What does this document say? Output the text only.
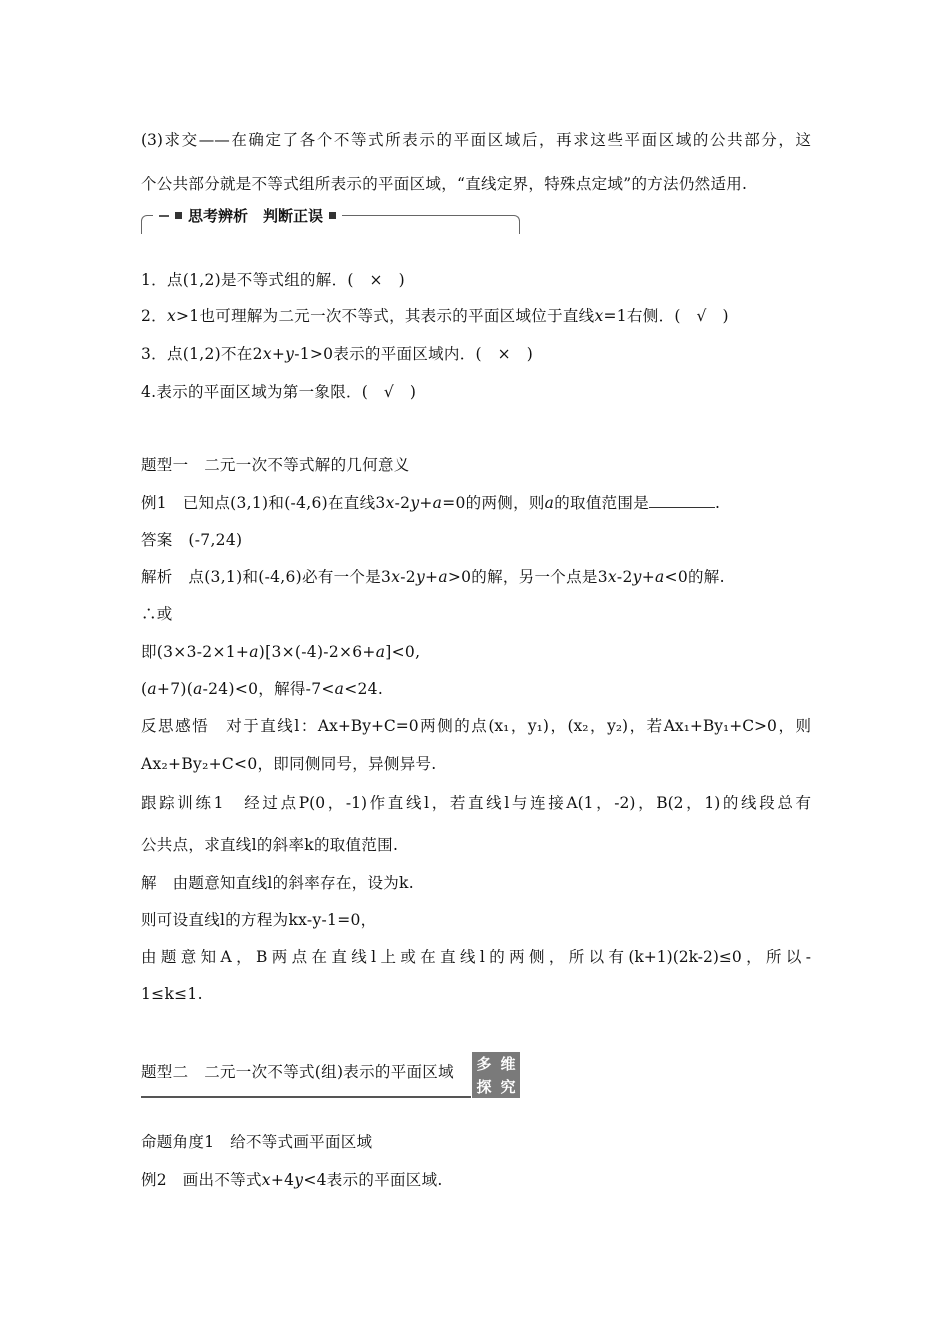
(3)求交——在确定了各个不等式所表示的平面区域后，再求这些平面区域的公共部分，这
个公共部分就是不等式组所表示的平面区域，“直线定界，特殊点定域”的方法仍然适用.
思考辨析　判断正误
1．点(1,2)是不等式组的解．(　×　)
2．x>1也可理解为二元一次不等式，其表示的平面区域位于直线x=1右侧．(　√　)
3．点(1,2)不在2x+y-1>0表示的平面区域内．(　×　)
4.表示的平面区域为第一象限．(　√　)
题型一　二元一次不等式解的几何意义
例1　已知点(3,1)和(-4,6)在直线3x-2y+a=0的两侧，则a的取值范围是	.
答案　(-7,24)
解析　点(3,1)和(-4,6)必有一个是3x-2y+a>0的解，另一个点是3x-2y+a<0的解.
∴或
即(3×3-2×1+a)[3×(-4)-2×6+a]<0,
(a+7)(a-24)<0，解得-7<a<24.
反思感悟　对于直线l：Ax+By+C=0两侧的点(x₁，y₁)，(x₂，y₂)，若Ax₁+By₁+C>0，则
Ax₂+By₂+C<0，即同侧同号，异侧异号.
跟踪训练1　经过点P(0，-1)作直线l，若直线l与连接A(1，-2)，B(2，1)的线段总有
公共点，求直线l的斜率k的取值范围.
解　由题意知直线l的斜率存在，设为k.
则可设直线l的方程为kx-y-1=0，
由题意知A，B两点在直线l上或在直线l的两侧，所以有(k+1)(2k-2)≤0，所以-
1≤k≤1.
题型二　二元一次不等式(组)表示的平面区域 多 维
探 究
命题角度1　给不等式画平面区域
例2　画出不等式x+4y<4表示的平面区域.
